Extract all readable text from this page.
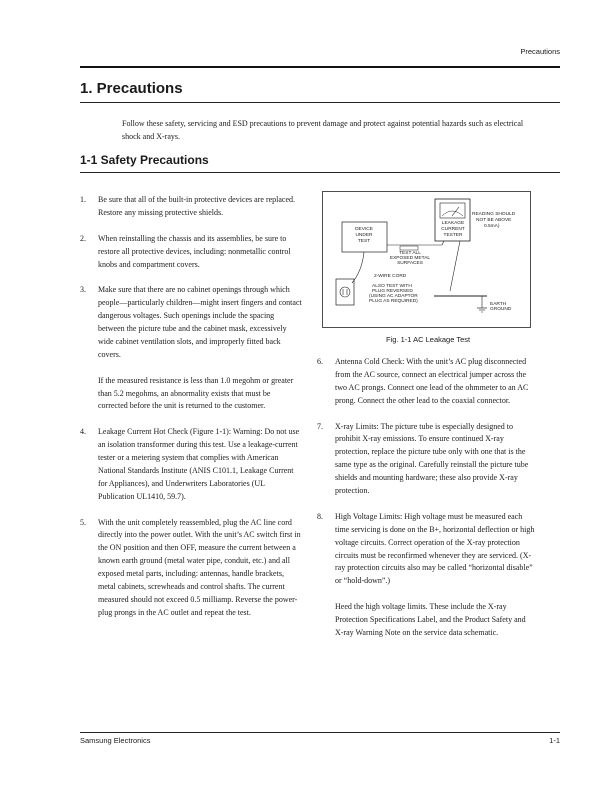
Precautions
1. Precautions
Follow these safety, servicing and ESD precautions to prevent damage and protect against potential hazards such as electrical shock and X-rays.
1-1 Safety Precautions
1.	Be sure that all of the built-in protective devices are replaced. Restore any missing protective shields.
2.	When reinstalling the chassis and its assemblies, be sure to restore all protective devices, including: nonmetallic control knobs and compartment covers.
3.	Make sure that there are no cabinet openings through which people—particularly children—might insert fingers and contact dangerous voltages. Such openings include the spacing between the picture tube and the cabinet mask, excessively wide cabinet ventilation slots, and improperly fitted back covers.
If the measured resistance is less than 1.0 megohm or greater than 5.2 megohms, an abnormality exists that must be corrected before the unit is returned to the customer.
4.	Leakage Current Hot Check (Figure 1-1): Warning: Do not use an isolation transformer during this test. Use a leakage-current tester or a metering system that complies with American National Standards Institute (ANIS C101.1, Leakage Current for Appliances), and Underwriters Laboratories (UL Publication UL1410, 59.7).
5.	With the unit completely reassembled, plug the AC line cord directly into the power outlet. With the unit’s AC switch first in the ON position and then OFF, measure the current between a known earth ground (metal water pipe, conduit, etc.) and all exposed metal parts, including: antennas, handle brackets, metal cabinets, screwheads and control shafts. The current measured should not exceed 0.5 milliamp. Reverse the power-plug prongs in the AC outlet and repeat the test.
DEVICE
UNDER
TEST
TEST ALL
EXPOSED METAL
SURFACES
2-WIRE CORD
ALSO TEST WITH
PLUG REVERSED
(USING AC ADAPTOR
PLUG AS REQUIRED)
LEAKAGE
CURRENT
TESTER
READING SHOULD
NOT BE ABOVE
0.5mA)
EARTH
GROUND
Fig. 1-1 AC Leakage Test
6.	Antenna Cold Check: With the unit’s AC plug disconnected from the AC source, connect an electrical jumper across the two AC prongs. Connect one lead of the ohmmeter to an AC prong. Connect the other lead to the coaxial connector.
7.	X-ray Limits: The picture tube is especially designed to prohibit X-ray emissions. To ensure continued X-ray protection, replace the picture tube only with one that is the same type as the original. Carefully reinstall the picture tube shields and mounting hardware; these also provide X-ray protection.
8.	High Voltage Limits: High voltage must be measured each time servicing is done on the B+, horizontal deflection or high voltage circuits. Correct operation of the X-ray protection circuits must be reconfirmed whenever they are serviced. (X-ray protection circuits also may be called “horizontal disable” or “hold-down”.)
Heed the high voltage limits. These include the X-ray Protection Specifications Label, and the Product Safety and X-ray Warning Note on the service data schematic.
Samsung Electronics	1-1
